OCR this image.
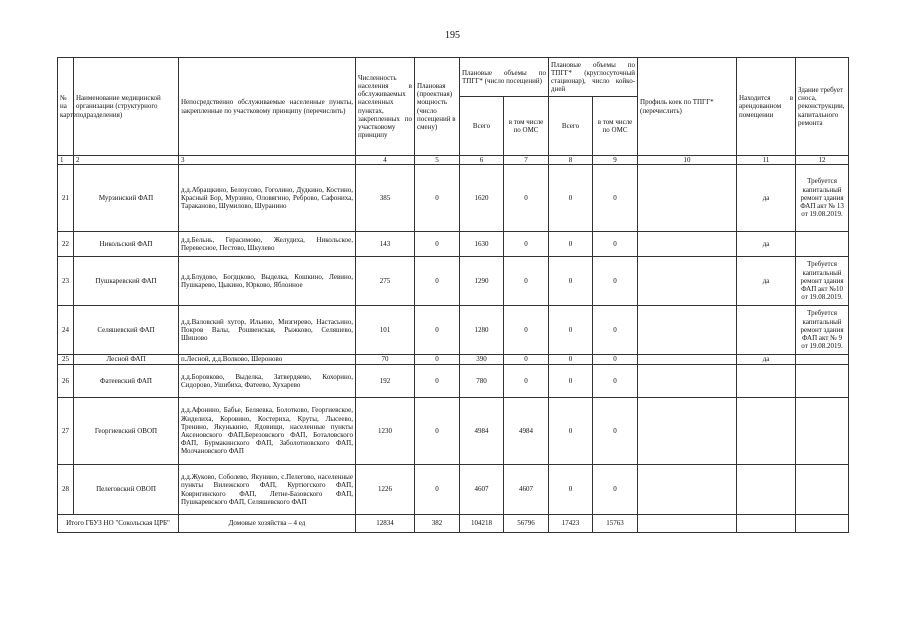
195
№ на карте	Наименование медицинской организации (структурного подразделения)	Непосредственно обслуживаемые населенные пункты, закрепленные по участковому принципу (перечислить)	Численность населения в обслуживаемых населенных пунктах, закрепленных по участковому принципу	Плановая (проектная) мощность (число посещений в смену)	Плановые объемы по ТПГГ* (число посещений)		Плановые объемы по ТПГГ* (круглосуточный стационар), число койко-дней		Профиль коек по ТПГГ* (перечислить)	Находится в арендованном помещении	Здание требует сноса, реконструкции, капитального ремонта
					Всего	в том числе по ОМС	Всего	в том числе по ОМС			
1	2	3	4	5	6	7	8	9	10	11	12
21	Мурзинский ФАП	д.д.Абращкино, Белоусово, Гоголино, Дудкино, Костино, Красный Бор, Мурзино, Оловягино, Реброво, Сафониха, Тараканово, Шумилово, Шуранино	385	0	1620	0	0	0		да	Требуется капитальный ремонт здания ФАП акт № 13 от 19.08.2019.
22	Никольский ФАП	д.д.Бельнь, Герасимово, Желудиха, Никольское, Перевесное, Пестово, Шкулево	143	0	1630	0	0	0		да	
23	Пушкаревский ФАП	д.д.Блудово, Богдцково, Выделка, Кошкино, Левино, Пушкарево, Цыкино, Юрково, Яблонное	275	0	1290	0	0	0		да	Требуется капитальный ремонт здания ФАП акт №10 от 19.08.2019.
24	Селяшевский ФАП	д.д.Валовский хутор, Ильино, Мизгирево, Настасьино, Покров Валы, Рошвенская, Рыжково, Селяшево, Шишово	101	0	1280	0	0	0			Требуется капитальный ремонт здания ФАП акт № 9 от 19.08.2019.
25	Лесной ФАП	п.Лесной, д.д.Волково, Шероново	70	0	390	0	0	0		да	
26	Фатеевский ФАП	д.д.Боровково, Выделка, Затвердяево, Кохорино, Сидорово, Ушибиха, Фатеево, Хухарево	192	0	780	0	0	0			
27	Георгиевский ОВОП	д.д.Афонино, Бабье, Беляевка, Болотково, Георгиевское, Жиделиха, Коровино, Костериха, Круты, Лысеево, Тренино, Якунькино, Ядовищи, населенные пункты Аксеновского ФАП,Березовского ФАП, Боталовского ФАП, Бурмакинского ФАП, Заболотновского ФАП, Молчановского ФАП	1230	0	4984	4984	0	0			
28	Пелеговский ОВОП	д.д.Жуково, Соболево, Якунино, с.Пелегово, населенные пункты Вилежского ФАП, Куртюгского ФАП, Ковригинского ФАП, Летне-Базовского ФАП, Пушкаревского ФАП, Селяшевского ФАП	1226	0	4607	4607	0	0			
Итого ГБУЗ НО "Сокольская ЦРБ"		Домовые хозяйства – 4 ед	12834	382	104218	56796	17423	15763			
